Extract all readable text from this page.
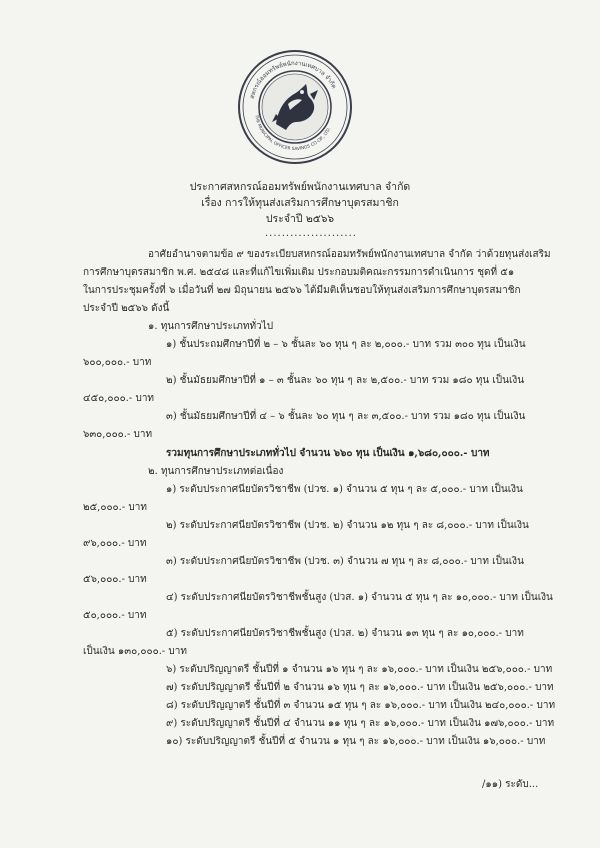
สหกรณ์ออมทรัพย์พนักงานเทศบาล จำกัด
THE MUNICIPAL OFFICER SAVINGS CO-OP., LTD.
ประกาศสหกรณ์ออมทรัพย์พนักงานเทศบาล จำกัด
เรื่อง การให้ทุนส่งเสริมการศึกษาบุตรสมาชิก
ประจำปี ๒๕๖๖
......................
อาศัยอำนาจตามข้อ ๙ ของระเบียบสหกรณ์ออมทรัพย์พนักงานเทศบาล จำกัด ว่าด้วยทุนส่งเสริม
การศึกษาบุตรสมาชิก พ.ศ. ๒๕๔๘ และที่แก้ไขเพิ่มเติม ประกอบมติคณะกรรมการดำเนินการ ชุดที่ ๕๑
ในการประชุมครั้งที่ ๖ เมื่อวันที่ ๒๗ มิถุนายน ๒๕๖๖ ได้มีมติเห็นชอบให้ทุนส่งเสริมการศึกษาบุตรสมาชิก
ประจำปี ๒๕๖๖ ดังนี้
๑. ทุนการศึกษาประเภททั่วไป
๑) ชั้นประถมศึกษาปีที่ ๒ – ๖ ชั้นละ ๖๐ ทุน ๆ ละ ๒,๐๐๐.- บาท รวม ๓๐๐ ทุน เป็นเงิน
๖๐๐,๐๐๐.- บาท
๒) ชั้นมัธยมศึกษาปีที่ ๑ – ๓ ชั้นละ ๖๐ ทุน ๆ ละ ๒,๕๐๐.- บาท รวม ๑๘๐ ทุน เป็นเงิน
๔๕๐,๐๐๐.- บาท
๓) ชั้นมัธยมศึกษาปีที่ ๔ – ๖ ชั้นละ ๖๐ ทุน ๆ ละ ๓,๕๐๐.- บาท รวม ๑๘๐ ทุน เป็นเงิน
๖๓๐,๐๐๐.- บาท
รวมทุนการศึกษาประเภททั่วไป จำนวน ๖๖๐ ทุน เป็นเงิน ๑,๖๘๐,๐๐๐.- บาท
๒. ทุนการศึกษาประเภทต่อเนื่อง
๑) ระดับประกาศนียบัตรวิชาชีพ (ปวช. ๑) จำนวน ๕ ทุน ๆ ละ ๕,๐๐๐.- บาท เป็นเงิน
๒๕,๐๐๐.- บาท
๒) ระดับประกาศนียบัตรวิชาชีพ (ปวช. ๒) จำนวน ๑๒ ทุน ๆ ละ ๘,๐๐๐.- บาท เป็นเงิน
๙๖,๐๐๐.- บาท
๓) ระดับประกาศนียบัตรวิชาชีพ (ปวช. ๓) จำนวน ๗ ทุน ๆ ละ ๘,๐๐๐.- บาท เป็นเงิน
๕๖,๐๐๐.- บาท
๔) ระดับประกาศนียบัตรวิชาชีพชั้นสูง (ปวส. ๑) จำนวน ๕ ทุน ๆ ละ ๑๐,๐๐๐.- บาท เป็นเงิน
๕๐,๐๐๐.- บาท
๕) ระดับประกาศนียบัตรวิชาชีพชั้นสูง (ปวส. ๒) จำนวน ๑๓ ทุน ๆ ละ ๑๐,๐๐๐.- บาท
เป็นเงิน ๑๓๐,๐๐๐.- บาท
๖) ระดับปริญญาตรี ชั้นปีที่ ๑ จำนวน ๑๖ ทุน ๆ ละ ๑๖,๐๐๐.- บาท เป็นเงิน ๒๕๖,๐๐๐.- บาท
๗) ระดับปริญญาตรี ชั้นปีที่ ๒ จำนวน ๑๖ ทุน ๆ ละ ๑๖,๐๐๐.- บาท เป็นเงิน ๒๕๖,๐๐๐.- บาท
๘) ระดับปริญญาตรี ชั้นปีที่ ๓ จำนวน ๑๕ ทุน ๆ ละ ๑๖,๐๐๐.- บาท เป็นเงิน ๒๔๐,๐๐๐.- บาท
๙) ระดับปริญญาตรี ชั้นปีที่ ๔ จำนวน ๑๑ ทุน ๆ ละ ๑๖,๐๐๐.- บาท เป็นเงิน ๑๗๖,๐๐๐.- บาท
๑๐) ระดับปริญญาตรี ชั้นปีที่ ๕ จำนวน ๑ ทุน ๆ ละ ๑๖,๐๐๐.- บาท เป็นเงิน ๑๖,๐๐๐.- บาท
/๑๑) ระดับ...
